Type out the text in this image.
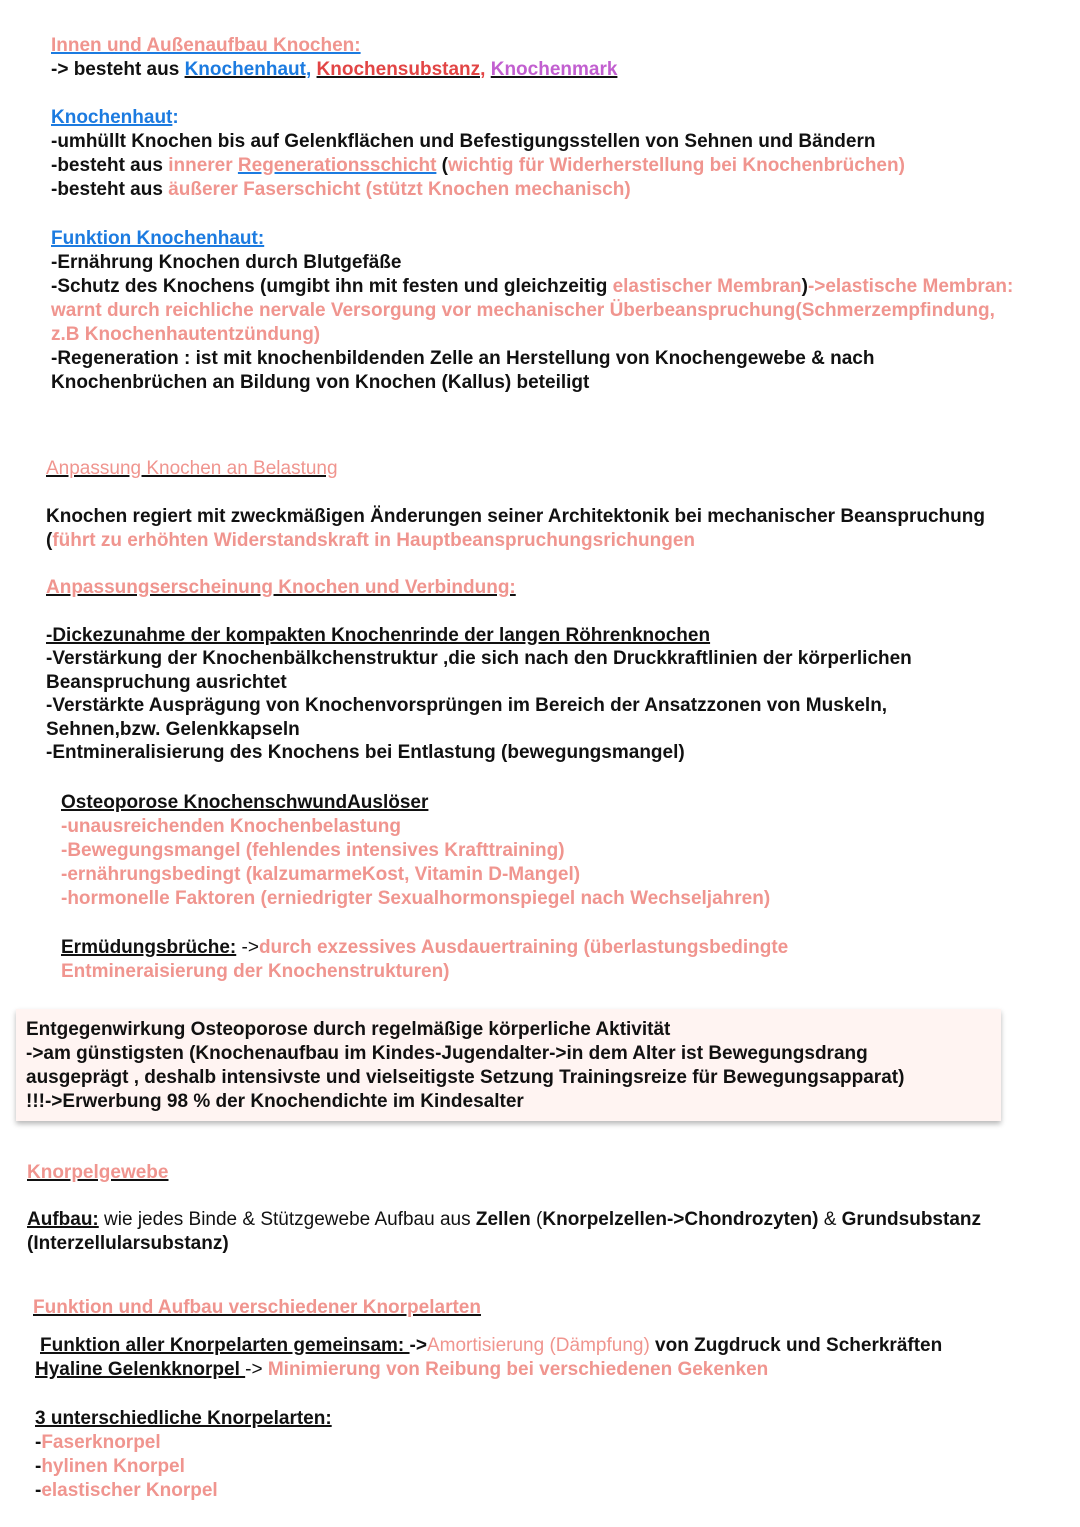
Innen und Außenaufbau Knochen:
-> besteht aus Knochenhaut, Knochensubstanz, Knochenmark
Knochenhaut:
-umhüllt Knochen bis auf Gelenkflächen und Befestigungsstellen von Sehnen und Bändern
-besteht aus innerer Regenerationsschicht (wichtig für Widerherstellung bei Knochenbrüchen)
-besteht aus äußerer Faserschicht (stützt Knochen mechanisch)
Funktion Knochenhaut:
-Ernährung Knochen durch Blutgefäße
-Schutz des Knochens (umgibt ihn mit festen und gleichzeitig elastischer Membran)->elastische Membran:
warnt durch reichliche nervale Versorgung vor mechanischer Überbeanspruchung(Schmerzempfindung,
z.B Knochenhautentzündung)
-Regeneration : ist mit knochenbildenden Zelle an Herstellung von Knochengewebe & nach
Knochenbrüchen an Bildung von Knochen (Kallus) beteiligt
Anpassung Knochen an Belastung
Knochen regiert mit zweckmäßigen Änderungen seiner Architektonik bei mechanischer Beanspruchung
(führt zu erhöhten Widerstandskraft in Hauptbeanspruchungsrichungen
Anpassungserscheinung Knochen und Verbindung:
-Dickezunahme der kompakten Knochenrinde der langen Röhrenknochen
-Verstärkung der Knochenbälkchenstruktur ,die sich nach den Druckkraftlinien der körperlichen
Beanspruchung ausrichtet
-Verstärkte Ausprägung von Knochenvorsprüngen im Bereich der Ansatzzonen von Muskeln,
Sehnen,bzw. Gelenkkapseln
-Entmineralisierung des Knochens bei Entlastung (bewegungsmangel)
Osteoporose KnochenschwundAuslöser
-unausreichenden Knochenbelastung
-Bewegungsmangel (fehlendes intensives Krafttraining)
-ernährungsbedingt (kalzumarmeKost, Vitamin D-Mangel)
-hormonelle Faktoren (erniedrigter Sexualhormonspiegel nach Wechseljahren)
Ermüdungsbrüche: ->durch exzessives Ausdauertraining (überlastungsbedingte
Entmineraisierung der Knochenstrukturen)
Entgegenwirkung Osteoporose durch regelmäßige körperliche Aktivität
->am günstigsten (Knochenaufbau im Kindes-Jugendalter->in dem Alter ist Bewegungsdrang
ausgeprägt , deshalb intensivste und vielseitigste Setzung Trainingsreize für Bewegungsapparat)
!!!->Erwerbung 98 % der Knochendichte im Kindesalter
Knorpelgewebe
Aufbau: wie jedes Binde & Stützgewebe Aufbau aus Zellen (Knorpelzellen->Chondrozyten) & Grundsubstanz
(Interzellularsubstanz)
Funktion und Aufbau verschiedener Knorpelarten
Funktion aller Knorpelarten gemeinsam: ->Amortisierung (Dämpfung) von Zugdruck und Scherkräften
Hyaline Gelenkknorpel -> Minimierung von Reibung bei verschiedenen Gekenken
3 unterschiedliche Knorpelarten:
-Faserknorpel
-hylinen Knorpel
-elastischer Knorpel
